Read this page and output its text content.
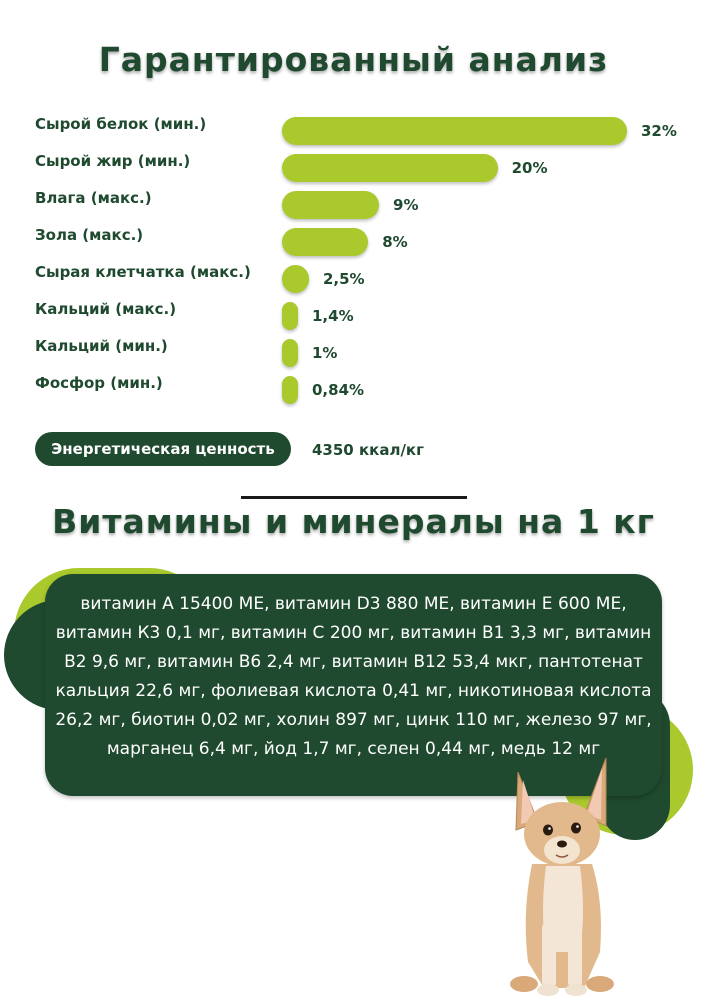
Гарантированный анализ
Сырой белок (мин.)	32%
Сырой жир (мин.)	20%
Влага (макс.)	9%
Зола (макс.)	8%
Сырая клетчатка (макс.)	2,5%
Кальций (макс.)	1,4%
Кальций (мин.)	1%
Фосфор (мин.)	0,84%
Энергетическая ценность	4350 ккал/кг
Витамины и минералы на 1 кг
витамин A 15400 МЕ, витамин D3 880 МЕ, витамин Е 600 МЕ, витамин К3 0,1 мг, витамин С 200 мг, витамин В1 3,3 мг, витамин В2 9,6 мг, витамин В6 2,4 мг, витамин В12 53,4 мкг, пантотенат кальция 22,6 мг, фолиевая кислота 0,41 мг, никотиновая кислота 26,2 мг, биотин 0,02 мг, холин 897 мг, цинк 110 мг, железо 97 мг, марганец 6,4 мг, йод 1,7 мг, селен 0,44 мг, медь 12 мг
